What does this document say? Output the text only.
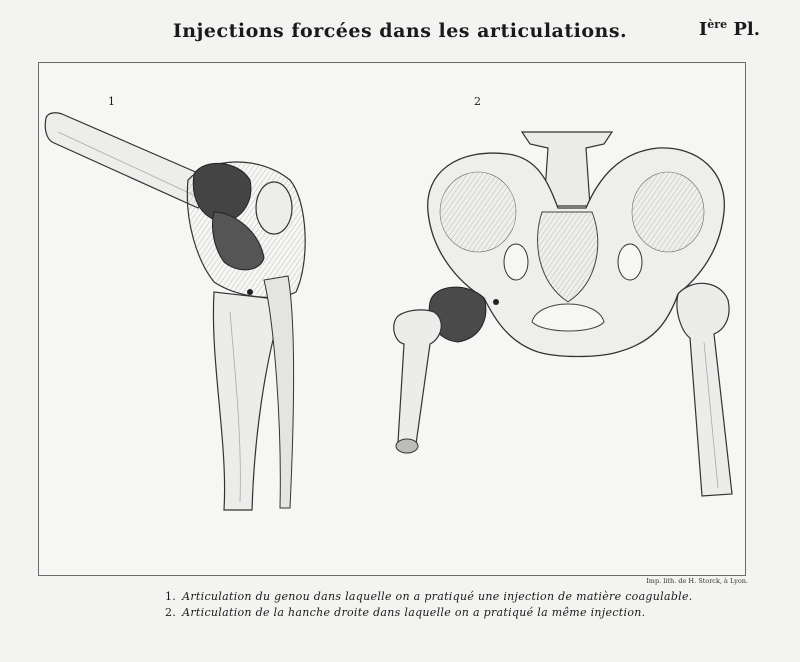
Injections forcées dans les articulations.	Ière Pl.
1	2
Imp. lith. de H. Storck, à Lyon.
1. Articulation du genou dans laquelle on a pratiqué une injection de matière coagulable.
2. Articulation de la hanche droite dans laquelle on a pratiqué la même injection.
